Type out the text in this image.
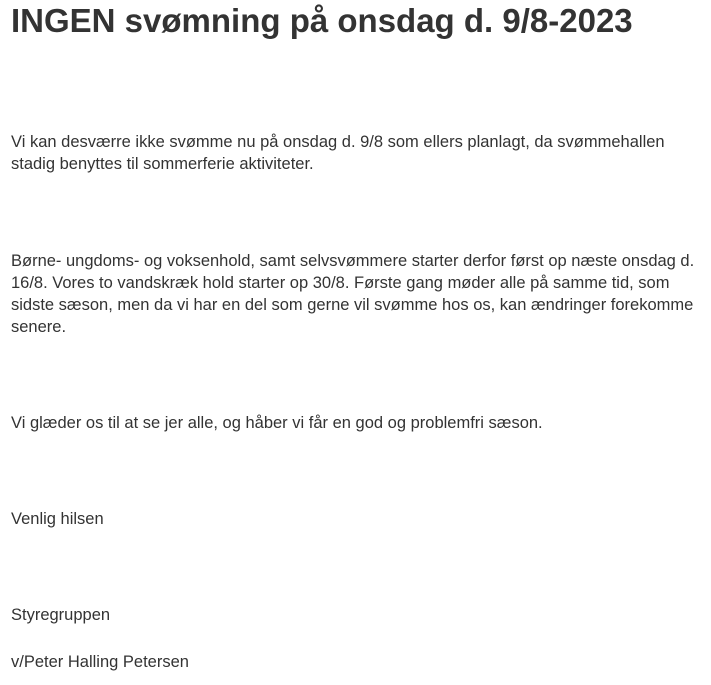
INGEN svømning på onsdag d. 9/8-2023

Vi kan desværre ikke svømme nu på onsdag d. 9/8 som ellers planlagt, da svømmehallen stadig benyttes til sommerferie aktiviteter.

Børne- ungdoms- og voksenhold, samt selvsvømmere starter derfor først op næste onsdag d. 16/8. Vores to vandskræk hold starter op 30/8. Første gang møder alle på samme tid, som sidste sæson, men da vi har en del som gerne vil svømme hos os, kan ændringer forekomme senere.

Vi glæder os til at se jer alle, og håber vi får en god og problemfri sæson.

Venlig hilsen

Styregruppen

v/Peter Halling Petersen
